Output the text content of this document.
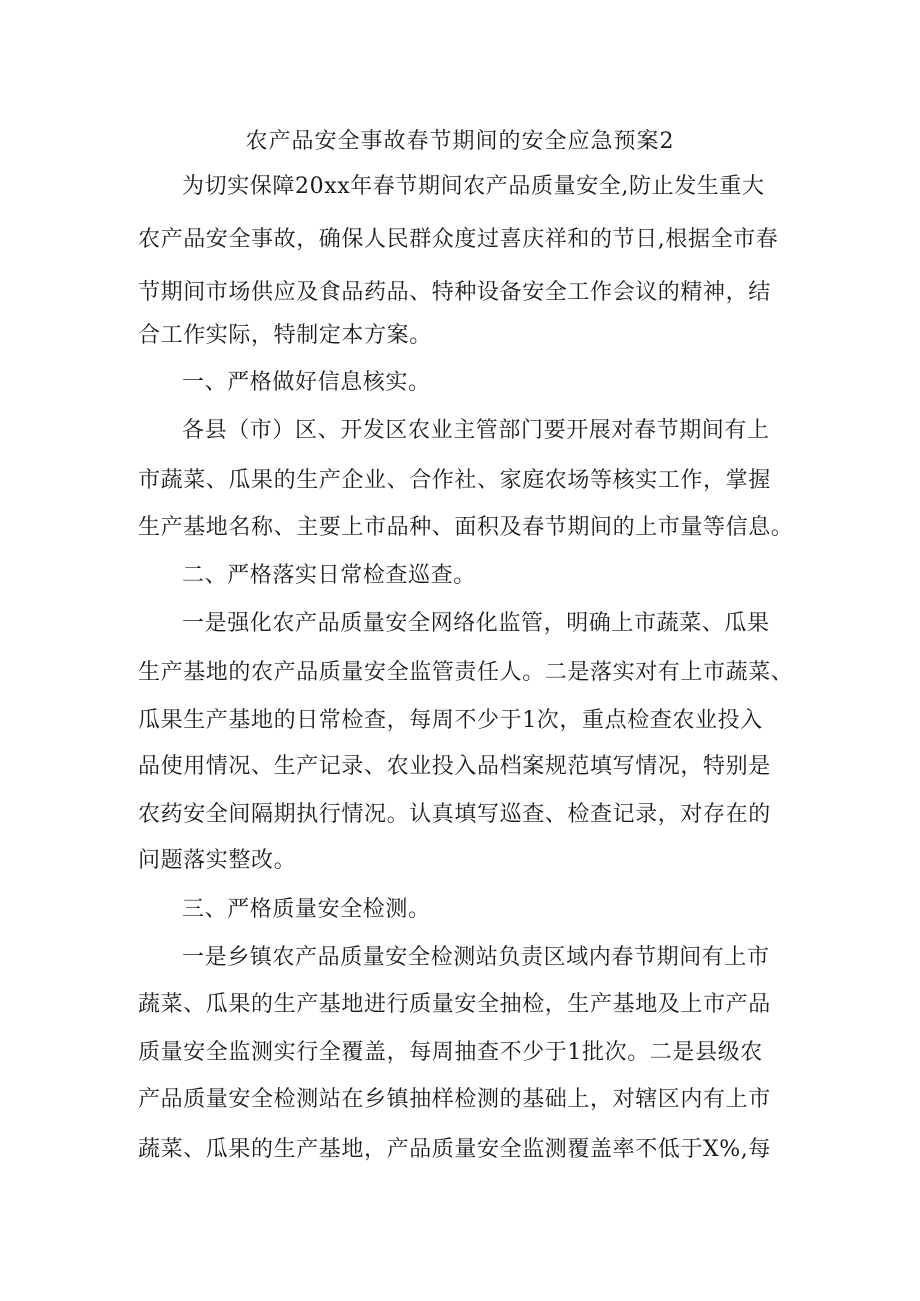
农产品安全事故春节期间的安全应急预案2

为切实保障20xx年春节期间农产品质量安全,防止发生重大

农产品安全事故，确保人民群众度过喜庆祥和的节日,根据全市春

节期间市场供应及食品药品、特种设备安全工作会议的精神，结

合工作实际，特制定本方案。

一、严格做好信息核实。

各县（市）区、开发区农业主管部门要开展对春节期间有上

市蔬菜、瓜果的生产企业、合作社、家庭农场等核实工作，掌握

生产基地名称、主要上市品种、面积及春节期间的上市量等信息。

二、严格落实日常检查巡查。

一是强化农产品质量安全网络化监管，明确上市蔬菜、瓜果

生产基地的农产品质量安全监管责任人。二是落实对有上市蔬菜、

瓜果生产基地的日常检查，每周不少于1次，重点检查农业投入

品使用情况、生产记录、农业投入品档案规范填写情况，特别是

农药安全间隔期执行情况。认真填写巡查、检查记录，对存在的

问题落实整改。

三、严格质量安全检测。

一是乡镇农产品质量安全检测站负责区域内春节期间有上市

蔬菜、瓜果的生产基地进行质量安全抽检，生产基地及上市产品

质量安全监测实行全覆盖，每周抽查不少于1批次。二是县级农

产品质量安全检测站在乡镇抽样检测的基础上，对辖区内有上市

蔬菜、瓜果的生产基地，产品质量安全监测覆盖率不低于X%,每
